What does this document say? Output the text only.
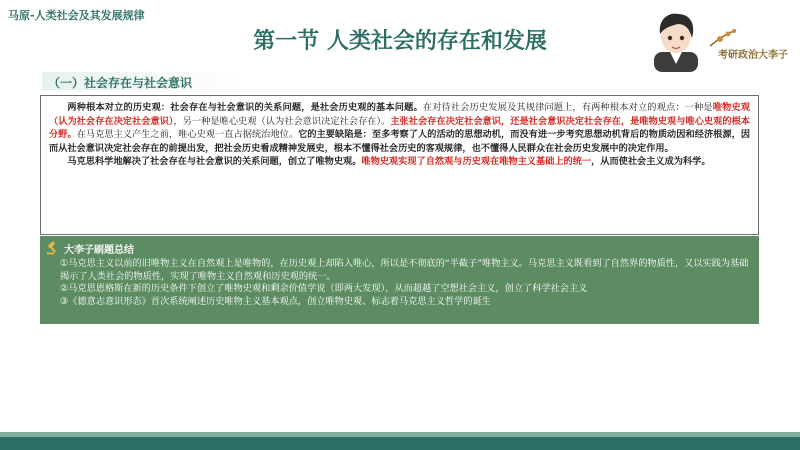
马原-人类社会及其发展规律
第一节 人类社会的存在和发展
考研政治大李子
（一）社会存在与社会意识

两种根本对立的历史观：社会存在与社会意识的关系问题，是社会历史观的基本问题。在对待社会历史发展及其规律问题上，有两种根本对立的观点：一种是唯物史观（认为社会存在决定社会意识），另一种是唯心史观（认为社会意识决定社会存在）。主张社会存在决定社会意识，还是社会意识决定社会存在，是唯物史观与唯心史观的根本分野。在马克思主义产生之前，唯心史观一直占据统治地位。它的主要缺陷是：至多考察了人的活动的思想动机，而没有进一步考究思想动机背后的物质动因和经济根源，因而从社会意识决定社会存在的前提出发，把社会历史看成精神发展史，根本不懂得社会历史的客观规律，也不懂得人民群众在社会历史发展中的决定作用。

马克思科学地解决了社会存在与社会意识的关系问题，创立了唯物史观。唯物史观实现了自然观与历史观在唯物主义基础上的统一，从而使社会主义成为科学。

大李子刷题总结
①马克思主义以前的旧唯物主义在自然观上是唯物的，在历史观上却陷入唯心，所以是不彻底的“半截子”唯物主义。马克思主义既看到了自然界的物质性，又以实践为基础揭示了人类社会的物质性，实现了唯物主义自然观和历史观的统一。
②马克思恩格斯在新的历史条件下创立了唯物史观和剩余价值学说（即两大发现），从而超越了空想社会主义，创立了科学社会主义
③《德意志意识形态》首次系统阐述历史唯物主义基本观点，创立唯物史观、标志着马克思主义哲学的诞生
